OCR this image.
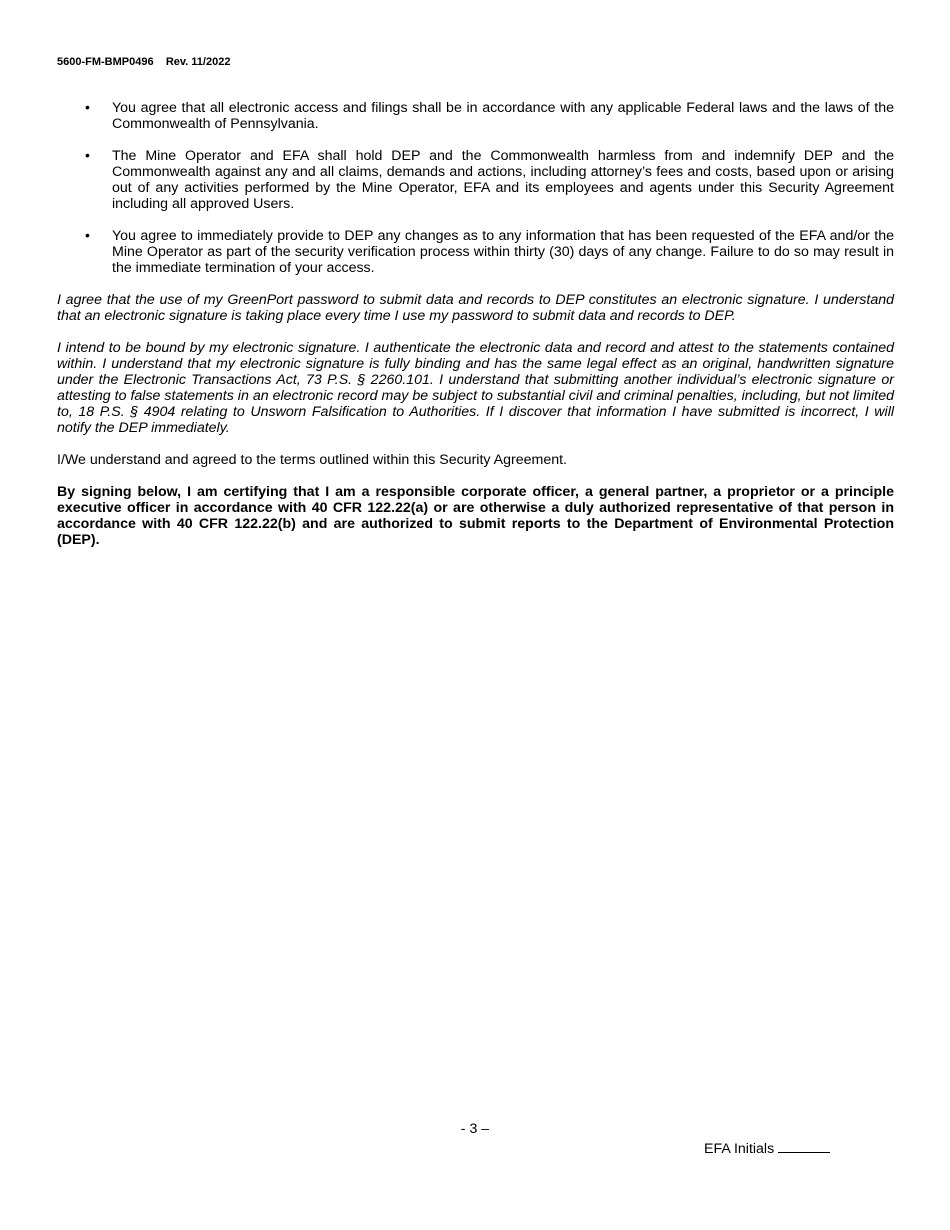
5600-FM-BMP0496    Rev. 11/2022
• You agree that all electronic access and filings shall be in accordance with any applicable Federal laws and the laws of the Commonwealth of Pennsylvania.
• The Mine Operator and EFA shall hold DEP and the Commonwealth harmless from and indemnify DEP and the Commonwealth against any and all claims, demands and actions, including attorney’s fees and costs, based upon or arising out of any activities performed by the Mine Operator, EFA and its employees and agents under this Security Agreement including all approved Users.
• You agree to immediately provide to DEP any changes as to any information that has been requested of the EFA and/or the Mine Operator as part of the security verification process within thirty (30) days of any change. Failure to do so may result in the immediate termination of your access.

I agree that the use of my GreenPort password to submit data and records to DEP constitutes an electronic signature. I understand that an electronic signature is taking place every time I use my password to submit data and records to DEP.

I intend to be bound by my electronic signature. I authenticate the electronic data and record and attest to the statements contained within. I understand that my electronic signature is fully binding and has the same legal effect as an original, handwritten signature under the Electronic Transactions Act, 73 P.S. § 2260.101. I understand that submitting another individual’s electronic signature or attesting to false statements in an electronic record may be subject to substantial civil and criminal penalties, including, but not limited to, 18 P.S. § 4904 relating to Unsworn Falsification to Authorities. If I discover that information I have submitted is incorrect, I will notify the DEP immediately.

I/We understand and agreed to the terms outlined within this Security Agreement.

By signing below, I am certifying that I am a responsible corporate officer, a general partner, a proprietor or a principle executive officer in accordance with 40 CFR 122.22(a) or are otherwise a duly authorized representative of that person in accordance with 40 CFR 122.22(b) and are authorized to submit reports to the Department of Environmental Protection (DEP).

- 3 –
EFA Initials
